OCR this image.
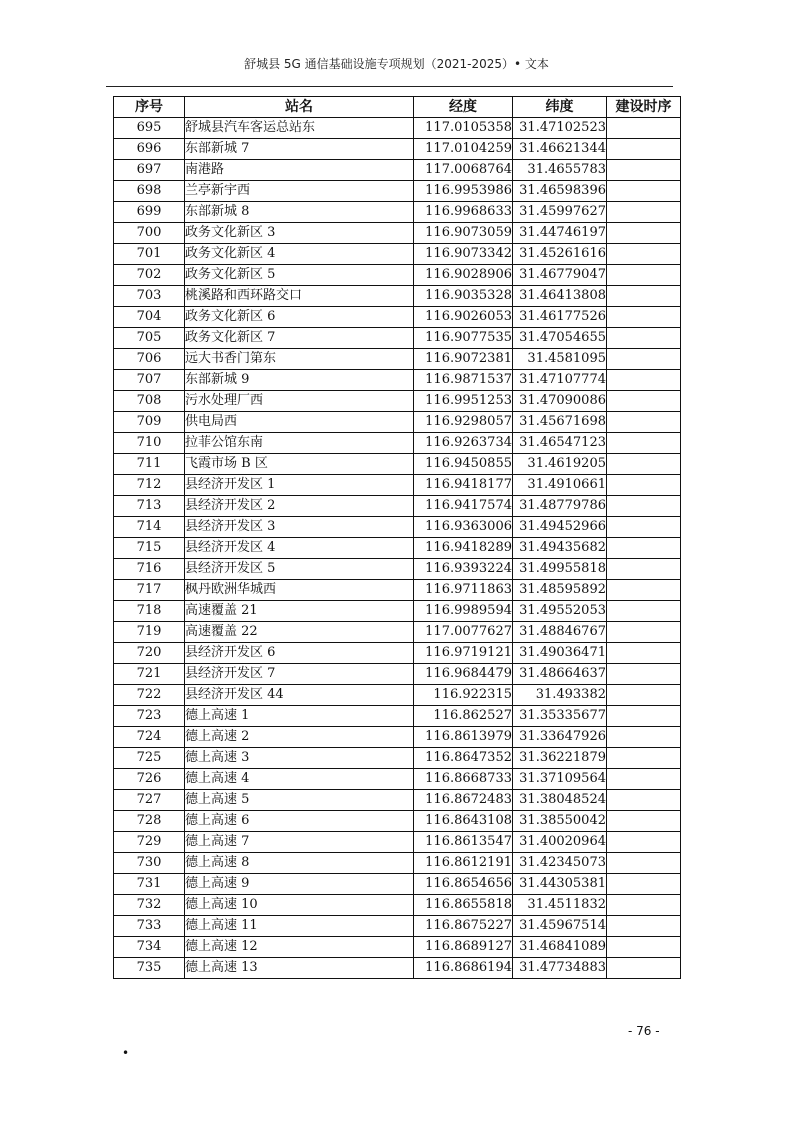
舒城县 5G 通信基础设施专项规划（2021-2025）• 文本
序号	站名	经度	纬度	建设时序
695	舒城县汽车客运总站东	117.0105358	31.47102523	
696	东部新城 7	117.0104259	31.46621344	
697	南港路	117.0068764	31.4655783	
698	兰亭新宇西	116.9953986	31.46598396	
699	东部新城 8	116.9968633	31.45997627	
700	政务文化新区 3	116.9073059	31.44746197	
701	政务文化新区 4	116.9073342	31.45261616	
702	政务文化新区 5	116.9028906	31.46779047	
703	桃溪路和西环路交口	116.9035328	31.46413808	
704	政务文化新区 6	116.9026053	31.46177526	
705	政务文化新区 7	116.9077535	31.47054655	
706	远大书香门第东	116.9072381	31.4581095	
707	东部新城 9	116.9871537	31.47107774	
708	污水处理厂西	116.9951253	31.47090086	
709	供电局西	116.9298057	31.45671698	
710	拉菲公馆东南	116.9263734	31.46547123	
711	飞霞市场 B 区	116.9450855	31.4619205	
712	县经济开发区 1	116.9418177	31.4910661	
713	县经济开发区 2	116.9417574	31.48779786	
714	县经济开发区 3	116.9363006	31.49452966	
715	县经济开发区 4	116.9418289	31.49435682	
716	县经济开发区 5	116.9393224	31.49955818	
717	枫丹欧洲华城西	116.9711863	31.48595892	
718	高速覆盖 21	116.9989594	31.49552053	
719	高速覆盖 22	117.0077627	31.48846767	
720	县经济开发区 6	116.9719121	31.49036471	
721	县经济开发区 7	116.9684479	31.48664637	
722	县经济开发区 44	116.922315	31.493382	
723	德上高速 1	116.862527	31.35335677	
724	德上高速 2	116.8613979	31.33647926	
725	德上高速 3	116.8647352	31.36221879	
726	德上高速 4	116.8668733	31.37109564	
727	德上高速 5	116.8672483	31.38048524	
728	德上高速 6	116.8643108	31.38550042	
729	德上高速 7	116.8613547	31.40020964	
730	德上高速 8	116.8612191	31.42345073	
731	德上高速 9	116.8654656	31.44305381	
732	德上高速 10	116.8655818	31.4511832	
733	德上高速 11	116.8675227	31.45967514	
734	德上高速 12	116.8689127	31.46841089	
735	德上高速 13	116.8686194	31.47734883	
- 76 -
•
